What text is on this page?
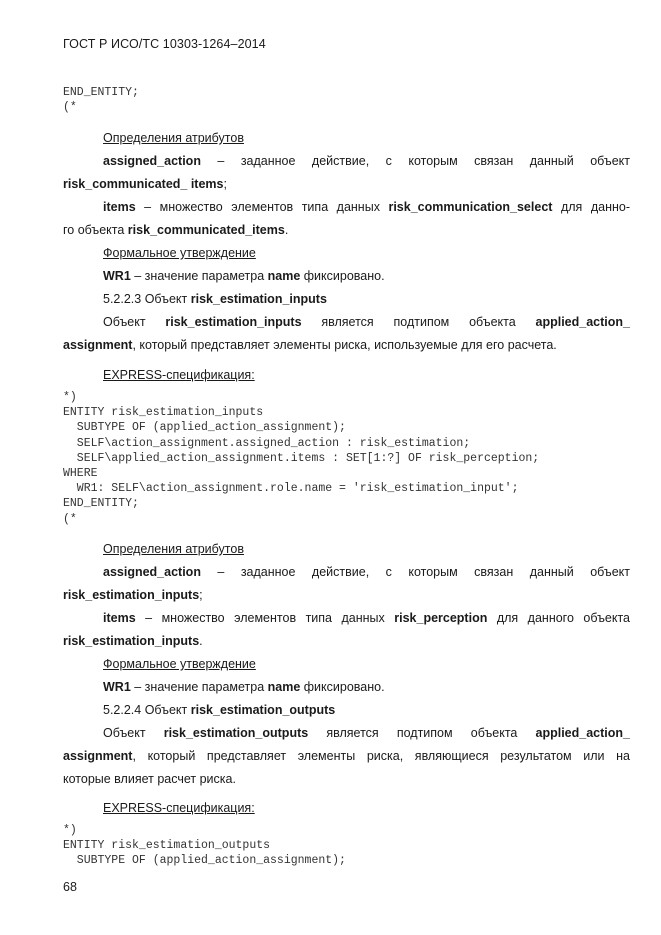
ГОСТ Р ИСО/ТС 10303-1264–2014
END_ENTITY;
(*
Определения атрибутов
assigned_action – заданное действие, с которым связан данный объект
risk_communicated_ items;
items – множество элементов типа данных risk_communication_select для данно-
го объекта risk_communicated_items.
Формальное утверждение
WR1 – значение параметра name фиксировано.
5.2.2.3 Объект risk_estimation_inputs
Объект risk_estimation_inputs является подтипом объекта applied_action_
assignment, который представляет элементы риска, используемые для его расчета.
EXPRESS-спецификация:
*)
ENTITY risk_estimation_inputs
SUBTYPE OF (applied_action_assignment);
SELF\action_assignment.assigned_action : risk_estimation;
SELF\applied_action_assignment.items : SET[1:?] OF risk_perception;
WHERE
WR1: SELF\action_assignment.role.name = 'risk_estimation_input';
END_ENTITY;
(*
Определения атрибутов
assigned_action – заданное действие, с которым связан данный объект
risk_estimation_inputs;
items – множество элементов типа данных risk_perception для данного объекта
risk_estimation_inputs.
Формальное утверждение
WR1 – значение параметра name фиксировано.
5.2.2.4 Объект risk_estimation_outputs
Объект risk_estimation_outputs является подтипом объекта applied_action_
assignment, который представляет элементы риска, являющиеся результатом или на
которые влияет расчет риска.
EXPRESS-спецификация:
*)
ENTITY risk_estimation_outputs
SUBTYPE OF (applied_action_assignment);
68
